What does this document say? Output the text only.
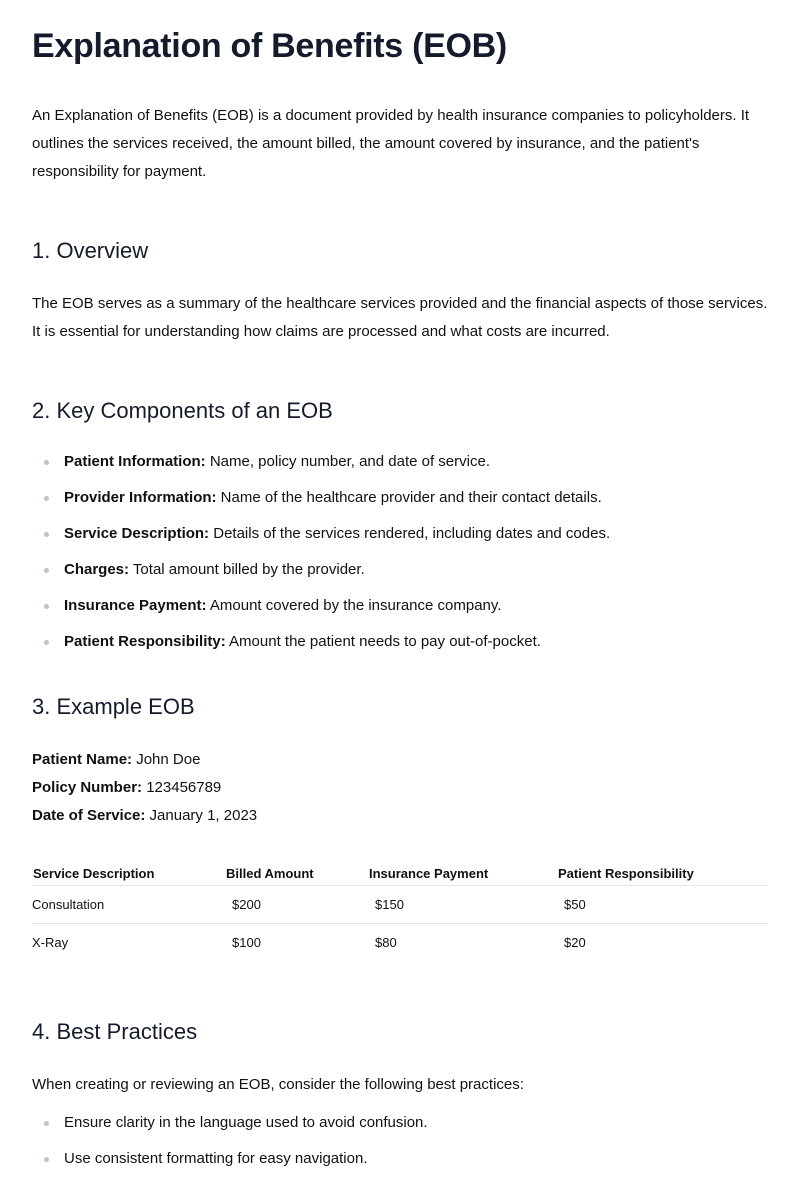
Explanation of Benefits (EOB)

An Explanation of Benefits (EOB) is a document provided by health insurance companies to policyholders. It outlines the services received, the amount billed, the amount covered by insurance, and the patient's responsibility for payment.

1. Overview

The EOB serves as a summary of the healthcare services provided and the financial aspects of those services. It is essential for understanding how claims are processed and what costs are incurred.

2. Key Components of an EOB
Patient Information: Name, policy number, and date of service.
Provider Information: Name of the healthcare provider and their contact details.
Service Description: Details of the services rendered, including dates and codes.
Charges: Total amount billed by the provider.
Insurance Payment: Amount covered by the insurance company.
Patient Responsibility: Amount the patient needs to pay out-of-pocket.
3. Example EOB
Patient Name: John Doe
Policy Number: 123456789
Date of Service: January 1, 2023
Service Description	Billed Amount	Insurance Payment	Patient Responsibility
Consultation	$200	$150	$50
X-Ray	$100	$80	$20
4. Best Practices

When creating or reviewing an EOB, consider the following best practices:

Ensure clarity in the language used to avoid confusion.
Use consistent formatting for easy navigation.
